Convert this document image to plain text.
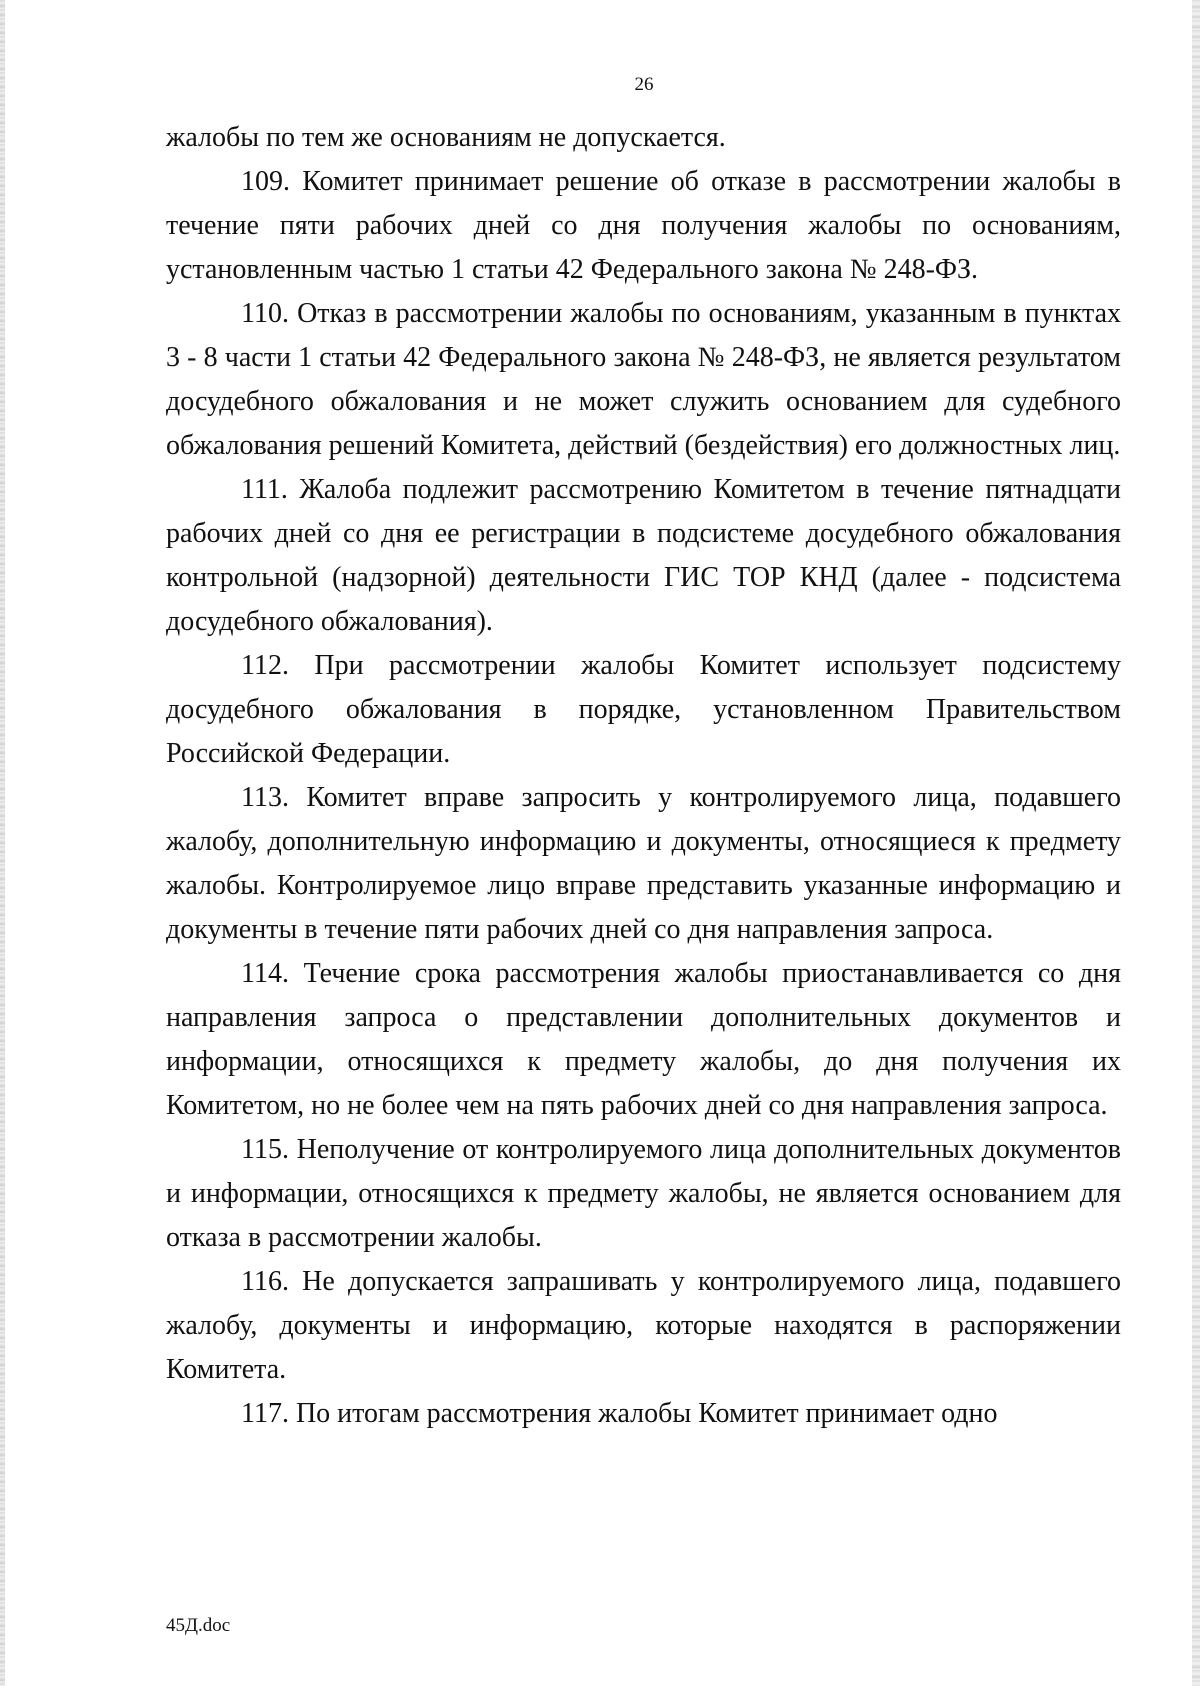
26

жалобы по тем же основаниям не допускается.

109. Комитет принимает решение об отказе в рассмотрении жалобы в течение пяти рабочих дней со дня получения жалобы по основаниям, установленным частью 1 статьи 42 Федерального закона № 248-ФЗ.

110. Отказ в рассмотрении жалобы по основаниям, указанным в пунктах 3 - 8 части 1 статьи 42 Федерального закона № 248-ФЗ, не является результатом досудебного обжалования и не может служить основанием для судебного обжалования решений Комитета, действий (бездействия) его должностных лиц.

111. Жалоба подлежит рассмотрению Комитетом в течение пятнадцати рабочих дней со дня ее регистрации в подсистеме досудебного обжалования контрольной (надзорной) деятельности ГИС ТОР КНД (далее - подсистема досудебного обжалования).

112. При рассмотрении жалобы Комитет использует подсистему досудебного обжалования в порядке, установленном Правительством Российской Федерации.

113. Комитет вправе запросить у контролируемого лица, подавшего жалобу, дополнительную информацию и документы, относящиеся к предмету жалобы. Контролируемое лицо вправе представить указанные информацию и документы в течение пяти рабочих дней со дня направления запроса.

114. Течение срока рассмотрения жалобы приостанавливается со дня направления запроса о представлении дополнительных документов и информации, относящихся к предмету жалобы, до дня получения их Комитетом, но не более чем на пять рабочих дней со дня направления запроса.

115. Неполучение от контролируемого лица дополнительных документов и информации, относящихся к предмету жалобы, не является основанием для отказа в рассмотрении жалобы.

116. Не допускается запрашивать у контролируемого лица, подавшего жалобу, документы и информацию, которые находятся в распоряжении Комитета.

117. По итогам рассмотрения жалобы Комитет принимает одно

45Д.doc
